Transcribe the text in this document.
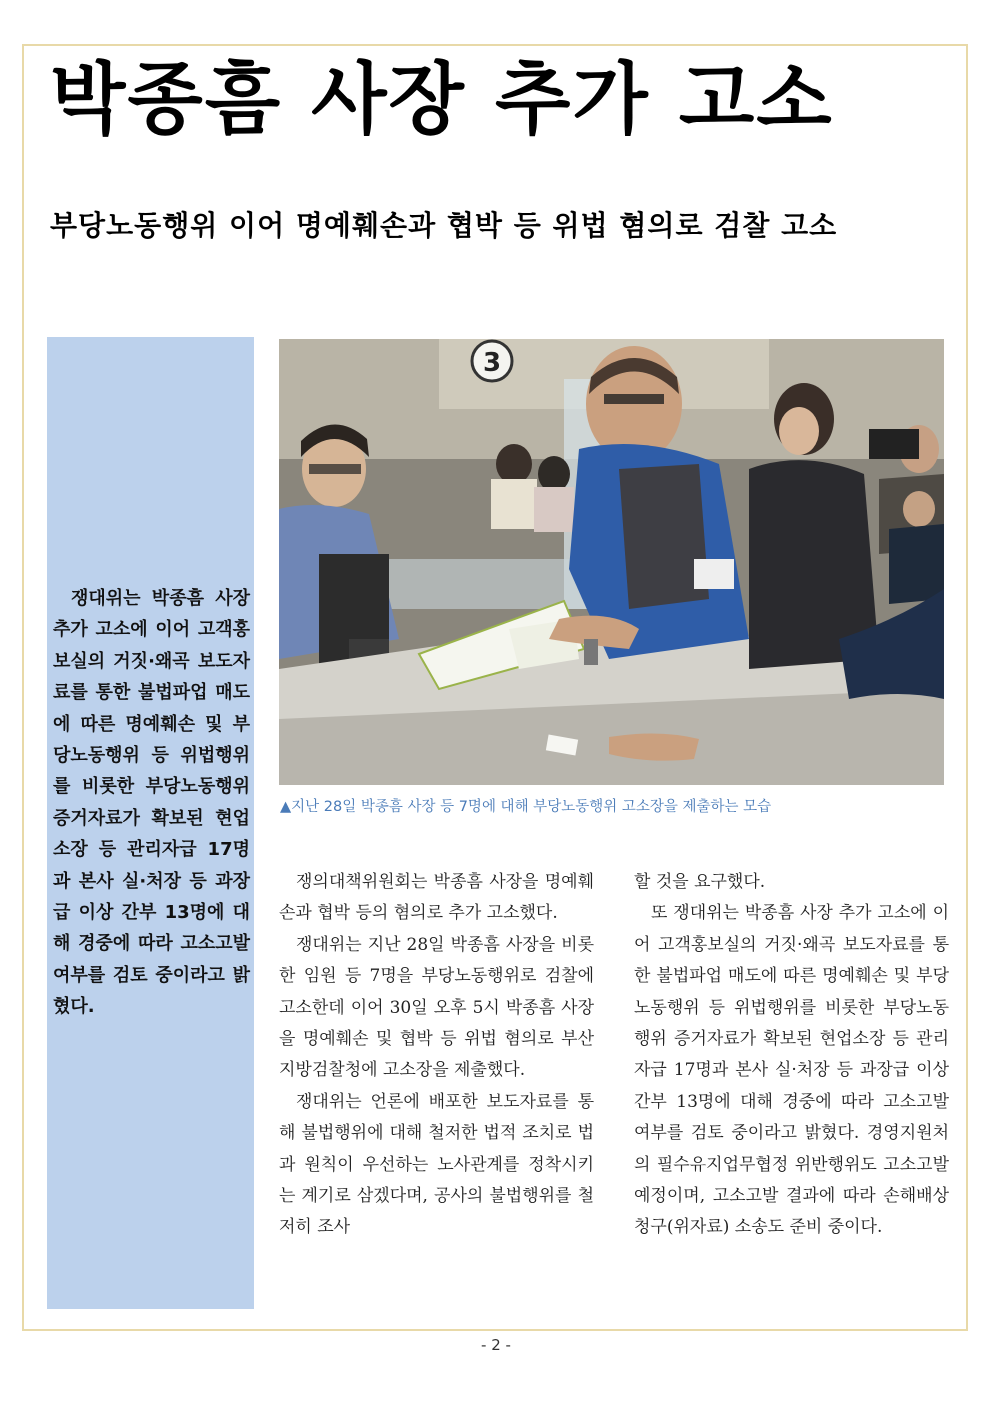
박종흠 사장 추가 고소
부당노동행위 이어 명예훼손과 협박 등 위법 혐의로 검찰 고소

쟁대위는 박종흠 사장 추가 고소에 이어 고객홍보실의 거짓·왜곡 보도자료를 통한 불법파업 매도에 따른 명예훼손 및 부당노동행위 등 위법행위를 비롯한 부당노동행위 증거자료가 확보된 현업소장 등 관리자급 17명과 본사 실·처장 등 과장급 이상 간부 13명에 대해 경중에 따라 고소고발 여부를 검토 중이라고 밝혔다.

3

▲지난 28일 박종흠 사장 등 7명에 대해 부당노동행위 고소장을 제출하는 모습

쟁의대책위원회는 박종흠 사장을 명예훼손과 협박 등의 혐의로 추가 고소했다.

쟁대위는 지난 28일 박종흠 사장을 비롯한 임원 등 7명을 부당노동행위로 검찰에 고소한데 이어 30일 오후 5시 박종흠 사장을 명예훼손 및 협박 등 위법 혐의로 부산지방검찰청에 고소장을 제출했다.

쟁대위는 언론에 배포한 보도자료를 통해 불법행위에 대해 철저한 법적 조치로 법과 원칙이 우선하는 노사관계를 정착시키는 계기로 삼겠다며, 공사의 불법행위를 철저히 조사

할 것을 요구했다.

또 쟁대위는 박종흠 사장 추가 고소에 이어 고객홍보실의 거짓·왜곡 보도자료를 통한 불법파업 매도에 따른 명예훼손 및 부당노동행위 등 위법행위를 비롯한 부당노동행위 증거자료가 확보된 현업소장 등 관리자급 17명과 본사 실·처장 등 과장급 이상 간부 13명에 대해 경중에 따라 고소고발 여부를 검토 중이라고 밝혔다. 경영지원처의 필수유지업무협정 위반행위도 고소고발 예정이며, 고소고발 결과에 따라 손해배상청구(위자료) 소송도 준비 중이다.

- 2 -
